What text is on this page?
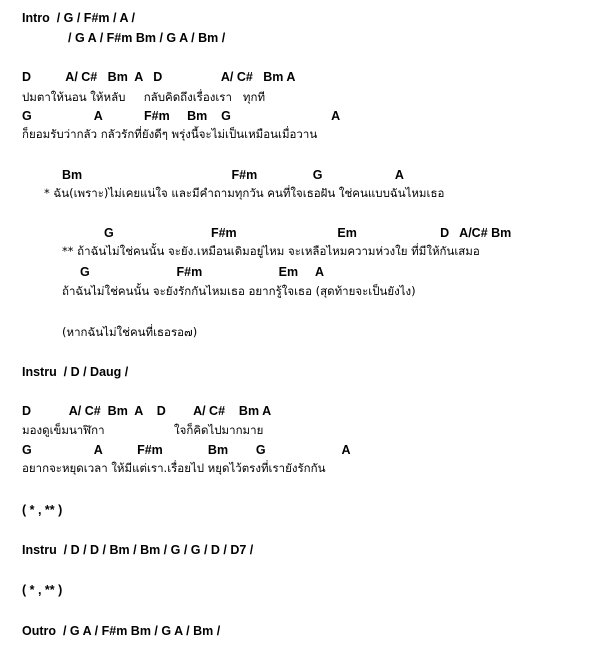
Intro  / G / F#m / A /
/ G A / F#m Bm / G A / Bm /
D          A/ C#   Bm  A   D                 A/ C#   Bm A
ปมตาให้นอน ให้หลับ     กลับคิดถึงเรื่องเรา   ทุกที
G                  A            F#m     Bm    G                             A
ก็ยอมรับว่ากลัว กลัวรักที่ยังดีๆ พรุ่งนี้จะไม่เป็นเหมือนเมื่อวาน
Bm                                           F#m                G                     A
* ฉัน(เพราะ)ไม่เคยแน่ใจ และมีคำถามทุกวัน คนที่ใจเธอฝัน ใช่คนแบบฉันไหมเธอ
G                            F#m                             Em                        D   A/C# Bm
** ถ้าฉันไม่ใช่คนนั้น จะยัง.เหมือนเดิมอยู่ไหม จะเหลือไหมความห่วงใย ที่มีให้กันเสมอ
G                         F#m                      Em     A
ถ้าฉันไม่ใช่คนนั้น จะยังรักกันไหมเธอ อยากรู้ใจเธอ (สุดท้ายจะเป็นยังไง)
(หากฉันไม่ใช่คนที่เธอรอ๗)
Instru  / D / Daug /
D           A/ C#  Bm  A    D        A/ C#    Bm A
มองดูเข็มนาฬิกา                   ใจก็คิดไปมากมาย
G                  A          F#m             Bm        G                      A
อยากจะหยุดเวลา ให้มีแต่เรา.เรื่อยไป หยุดไว้ตรงที่เรายังรักกัน
( * , ** )
Instru  / D / D / Bm / Bm / G / G / D / D7 /
( * , ** )
Outro  / G A / F#m Bm / G A / Bm /
